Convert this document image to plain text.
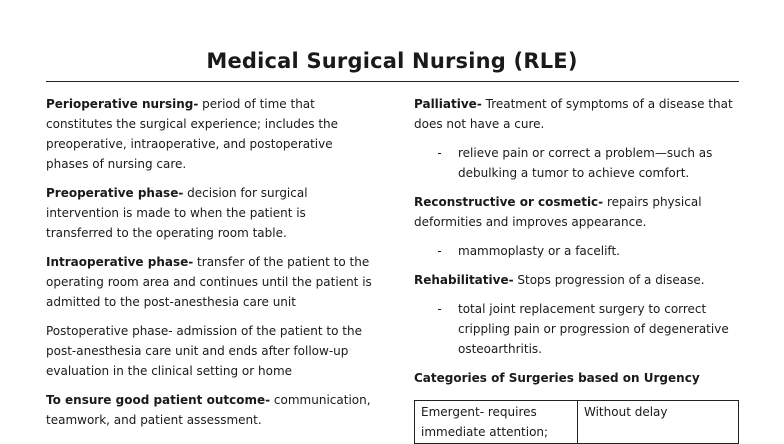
Medical Surgical Nursing (RLE)

Perioperative nursing- period of time that constitutes the surgical experience; includes the preoperative, intraoperative, and postoperative phases of nursing care.

Preoperative phase- decision for surgical intervention is made to when the patient is transferred to the operating room table.

Intraoperative phase- transfer of the patient to the operating room area and continues until the patient is admitted to the post-anesthesia care unit

Postoperative phase- admission of the patient to the post-anesthesia care unit and ends after follow-up evaluation in the clinical setting or home

To ensure good patient outcome- communication, teamwork, and patient assessment.

Palliative- Treatment of symptoms of a disease that does not have a cure.

-	relieve pain or correct a problem—such as debulking a tumor to achieve comfort.

Reconstructive or cosmetic- repairs physical deformities and improves appearance.

-	mammoplasty or a facelift.

Rehabilitative- Stops progression of a disease.

-	total joint replacement surgery to correct crippling pain or progression of degenerative osteoarthritis.
Categories of Surgeries based on Urgency
Emergent- requires immediate attention;	Without delay
